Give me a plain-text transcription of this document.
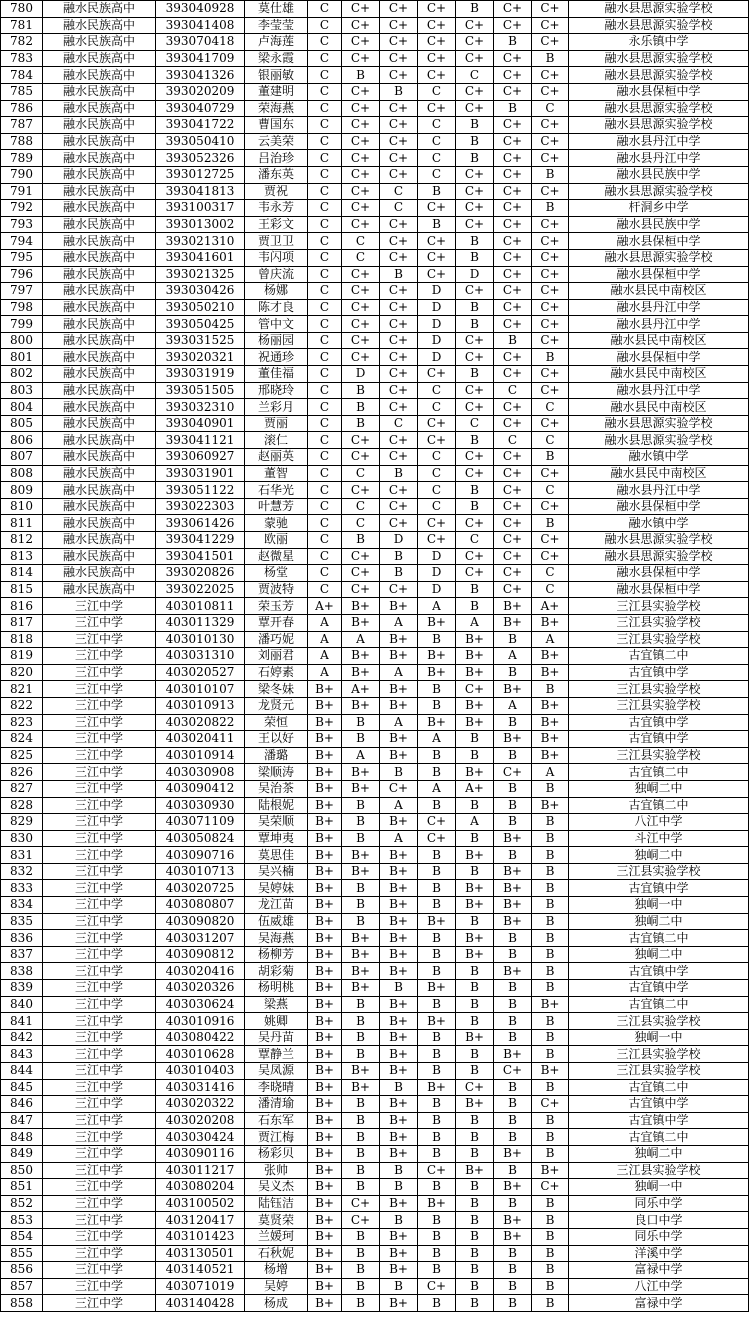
780	融水民族高中	393040928	莫仕雄	C	C+	C+	C+	B	C+	C+	融水县思源实验学校
781	融水民族高中	393041408	李莹莹	C	C+	C+	C+	C+	C+	C+	融水县思源实验学校
782	融水民族高中	393070418	卢海莲	C	C+	C+	C+	C+	B	C+	永乐镇中学
783	融水民族高中	393041709	梁永霞	C	C+	C+	C+	C+	C+	B	融水县思源实验学校
784	融水民族高中	393041326	银丽敏	C	B	C+	C+	C	C+	C+	融水县思源实验学校
785	融水民族高中	393020209	董建明	C	C+	B	C	C+	C+	C+	融水县保桓中学
786	融水民族高中	393040729	荣海燕	C	C+	C+	C+	C+	B	C	融水县思源实验学校
787	融水民族高中	393041722	曹国东	C	C+	C+	C	B	C+	C+	融水县思源实验学校
788	融水民族高中	393050410	云美荣	C	C+	C+	C	B	C+	C+	融水县丹江中学
789	融水民族高中	393052326	吕治珍	C	C+	C+	C	B	C+	C+	融水县丹江中学
790	融水民族高中	393012725	潘东英	C	C+	C+	C	C+	C+	B	融水县民族中学
791	融水民族高中	393041813	贾祝	C	C+	C	B	C+	C+	C+	融水县思源实验学校
792	融水民族高中	393100317	韦永芳	C	C+	C	C+	C+	C+	B	杆洞乡中学
793	融水民族高中	393013002	王彩文	C	C+	C+	B	C+	C+	C+	融水县民族中学
794	融水民族高中	393021310	贾卫卫	C	C	C+	C+	B	C+	C+	融水县保桓中学
795	融水民族高中	393041601	韦闪项	C	C	C+	C+	B	C+	C+	融水县思源实验学校
796	融水民族高中	393021325	曾庆流	C	C+	B	C+	D	C+	C+	融水县保桓中学
797	融水民族高中	393030426	杨娜	C	C+	C+	D	C+	C+	C+	融水县民中南校区
798	融水民族高中	393050210	陈才良	C	C+	C+	D	B	C+	C+	融水县丹江中学
799	融水民族高中	393050425	管中文	C	C+	C+	D	B	C+	C+	融水县丹江中学
800	融水民族高中	393031525	杨丽园	C	C+	C+	D	C+	B	C+	融水县民中南校区
801	融水民族高中	393020321	祝通珍	C	C+	C+	D	C+	C+	B	融水县保桓中学
802	融水民族高中	393031919	董佳福	C	D	C+	C+	B	C+	C+	融水县民中南校区
803	融水民族高中	393051505	邢晓玲	C	B	C+	C	C+	C	C+	融水县丹江中学
804	融水民族高中	393032310	兰彩月	C	B	C+	C	C+	C+	C	融水县民中南校区
805	融水民族高中	393040901	贾丽	C	B	C	C+	C	C+	C+	融水县思源实验学校
806	融水民族高中	393041121	滚仁	C	C+	C+	C+	B	C	C	融水县思源实验学校
807	融水民族高中	393060927	赵丽英	C	C+	C+	C	C+	C+	B	融水镇中学
808	融水民族高中	393031901	董智	C	C	B	C	C+	C+	C+	融水县民中南校区
809	融水民族高中	393051122	石华光	C	C+	C+	C	B	C+	C	融水县丹江中学
810	融水民族高中	393022303	叶慧芳	C	C	C+	C	B	C+	C+	融水县保桓中学
811	融水民族高中	393061426	蒙驰	C	C	C+	C+	C+	C+	B	融水镇中学
812	融水民族高中	393041229	欧丽	C	B	D	C+	C	C+	C+	融水县思源实验学校
813	融水民族高中	393041501	赵微星	C	C+	B	D	C+	C+	C+	融水县思源实验学校
814	融水民族高中	393020826	杨堂	C	C+	B	D	C+	C+	C	融水县保桓中学
815	融水民族高中	393022025	贾波特	C	C+	C+	D	B	C+	C	融水县保桓中学
816	三江中学	403010811	荣玉芳	A+	B+	B+	A	B	B+	A+	三江县实验学校
817	三江中学	403011329	覃开春	A	B+	A	B+	A	B+	B+	三江县实验学校
818	三江中学	403010130	潘巧妮	A	A	B+	B	B+	B	A	三江县实验学校
819	三江中学	403031310	刘丽君	A	B+	B+	B+	B+	A	B+	古宜镇二中
820	三江中学	403020527	石婷素	A	B+	A	B+	B+	B	B+	古宜镇中学
821	三江中学	403010107	梁冬妹	B+	A+	B+	B	C+	B+	B	三江县实验学校
822	三江中学	403010913	龙贤元	B+	B+	B+	B	B+	A	B+	三江县实验学校
823	三江中学	403020822	荣恒	B+	B	A	B+	B+	B	B+	古宜镇中学
824	三江中学	403020411	王以好	B+	B	B+	A	B	B+	B+	古宜镇中学
825	三江中学	403010914	潘璐	B+	A	B+	B	B	B	B+	三江县实验学校
826	三江中学	403030908	梁顺涛	B+	B+	B	B	B+	C+	A	古宜镇二中
827	三江中学	403090412	吴治茶	B+	B+	C+	A	A+	B	B	独峒二中
828	三江中学	403030930	陆根妮	B+	B	A	B	B	B	B+	古宜镇二中
829	三江中学	403071109	吴荣顺	B+	B	B+	C+	A	B	B	八江中学
830	三江中学	403050824	覃坤夷	B+	B	A	C+	B	B+	B	斗江中学
831	三江中学	403090716	莫思佳	B+	B+	B+	B	B+	B	B	独峒二中
832	三江中学	403010713	吴兴楠	B+	B+	B+	B	B	B+	B	三江县实验学校
833	三江中学	403020725	吴婷妹	B+	B	B+	B	B+	B+	B	古宜镇中学
834	三江中学	403080807	龙江苗	B+	B	B+	B	B+	B+	B	独峒一中
835	三江中学	403090820	伍威雄	B+	B	B+	B+	B	B+	B	独峒二中
836	三江中学	403031207	吴海燕	B+	B+	B+	B	B+	B	B	古宜镇二中
837	三江中学	403090812	杨柳芳	B+	B+	B+	B	B+	B	B	独峒二中
838	三江中学	403020416	胡彩菊	B+	B+	B+	B	B	B+	B	古宜镇中学
839	三江中学	403020326	杨明桃	B+	B+	B	B+	B	B	B	古宜镇中学
840	三江中学	403030624	梁燕	B+	B	B+	B	B	B	B+	古宜镇二中
841	三江中学	403010916	姚卿	B+	B	B+	B+	B	B	B	三江县实验学校
842	三江中学	403080422	吴丹苗	B+	B	B+	B	B+	B	B	独峒一中
843	三江中学	403010628	覃静兰	B+	B	B+	B	B	B+	B	三江县实验学校
844	三江中学	403010403	吴凤源	B+	B+	B+	B	B	C+	B+	三江县实验学校
845	三江中学	403031416	李晓晴	B+	B+	B	B+	C+	B	B	古宜镇二中
846	三江中学	403020322	潘清瑜	B+	B	B+	B	B+	B	C+	古宜镇中学
847	三江中学	403020208	石东军	B+	B	B+	B	B	B	B	古宜镇中学
848	三江中学	403030424	贾江梅	B+	B	B+	B	B	B	B	古宜镇二中
849	三江中学	403090116	杨彩贝	B+	B	B+	B	B	B+	B	独峒二中
850	三江中学	403011217	张帅	B+	B	B	C+	B+	B	B+	三江县实验学校
851	三江中学	403080204	吴义杰	B+	B	B	B	B	B+	C+	独峒一中
852	三江中学	403100502	陆钰洁	B+	C+	B+	B+	B	B	B	同乐中学
853	三江中学	403120417	莫贤荣	B+	C+	B	B	B	B+	B	良口中学
854	三江中学	403101423	兰媛珂	B+	B	B+	B	B	B+	B	同乐中学
855	三江中学	403130501	石秋妮	B+	B	B+	B	B	B	B	洋溪中学
856	三江中学	403140521	杨增	B+	B	B+	B	B	B	B	富禄中学
857	三江中学	403071019	吴婷	B+	B	B	C+	B	B	B	八江中学
858	三江中学	403140428	杨成	B+	B	B+	B	B	B	B	富禄中学
